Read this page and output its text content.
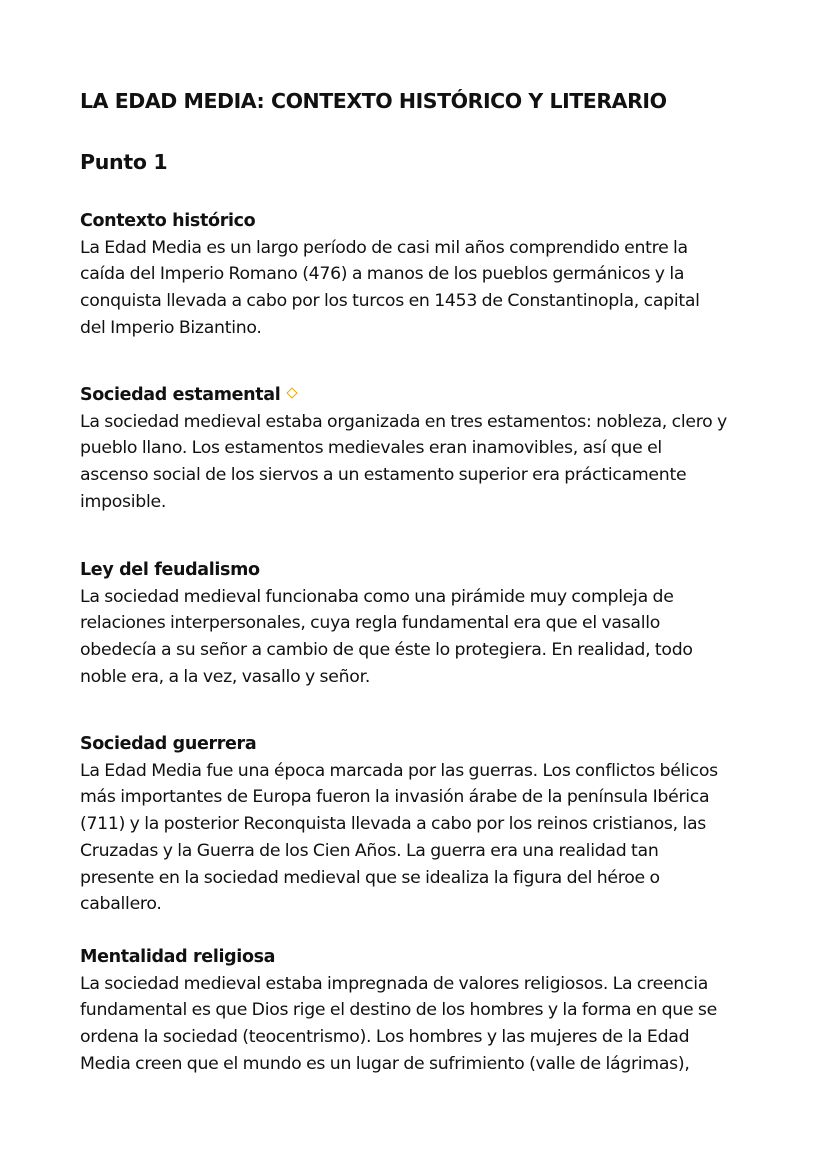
LA EDAD MEDIA: CONTEXTO HISTÓRICO Y LITERARIO
Punto 1
Contexto histórico

La Edad Media es un largo período de casi mil años comprendido entre la
caída del Imperio Romano (476) a manos de los pueblos germánicos y la
conquista llevada a cabo por los turcos en 1453 de Constantinopla, capital
del Imperio Bizantino.

Sociedad estamental

La sociedad medieval estaba organizada en tres estamentos: nobleza, clero y
pueblo llano. Los estamentos medievales eran inamovibles, así que el
ascenso social de los siervos a un estamento superior era prácticamente
imposible.

Ley del feudalismo

La sociedad medieval funcionaba como una pirámide muy compleja de
relaciones interpersonales, cuya regla fundamental era que el vasallo
obedecía a su señor a cambio de que éste lo protegiera. En realidad, todo
noble era, a la vez, vasallo y señor.

Sociedad guerrera

La Edad Media fue una época marcada por las guerras. Los conflictos bélicos
más importantes de Europa fueron la invasión árabe de la península Ibérica
(711) y la posterior Reconquista llevada a cabo por los reinos cristianos, las
Cruzadas y la Guerra de los Cien Años. La guerra era una realidad tan
presente en la sociedad medieval que se idealiza la figura del héroe o
caballero.

Mentalidad religiosa

La sociedad medieval estaba impregnada de valores religiosos. La creencia
fundamental es que Dios rige el destino de los hombres y la forma en que se
ordena la sociedad (teocentrismo). Los hombres y las mujeres de la Edad
Media creen que el mundo es un lugar de sufrimiento (valle de lágrimas),
